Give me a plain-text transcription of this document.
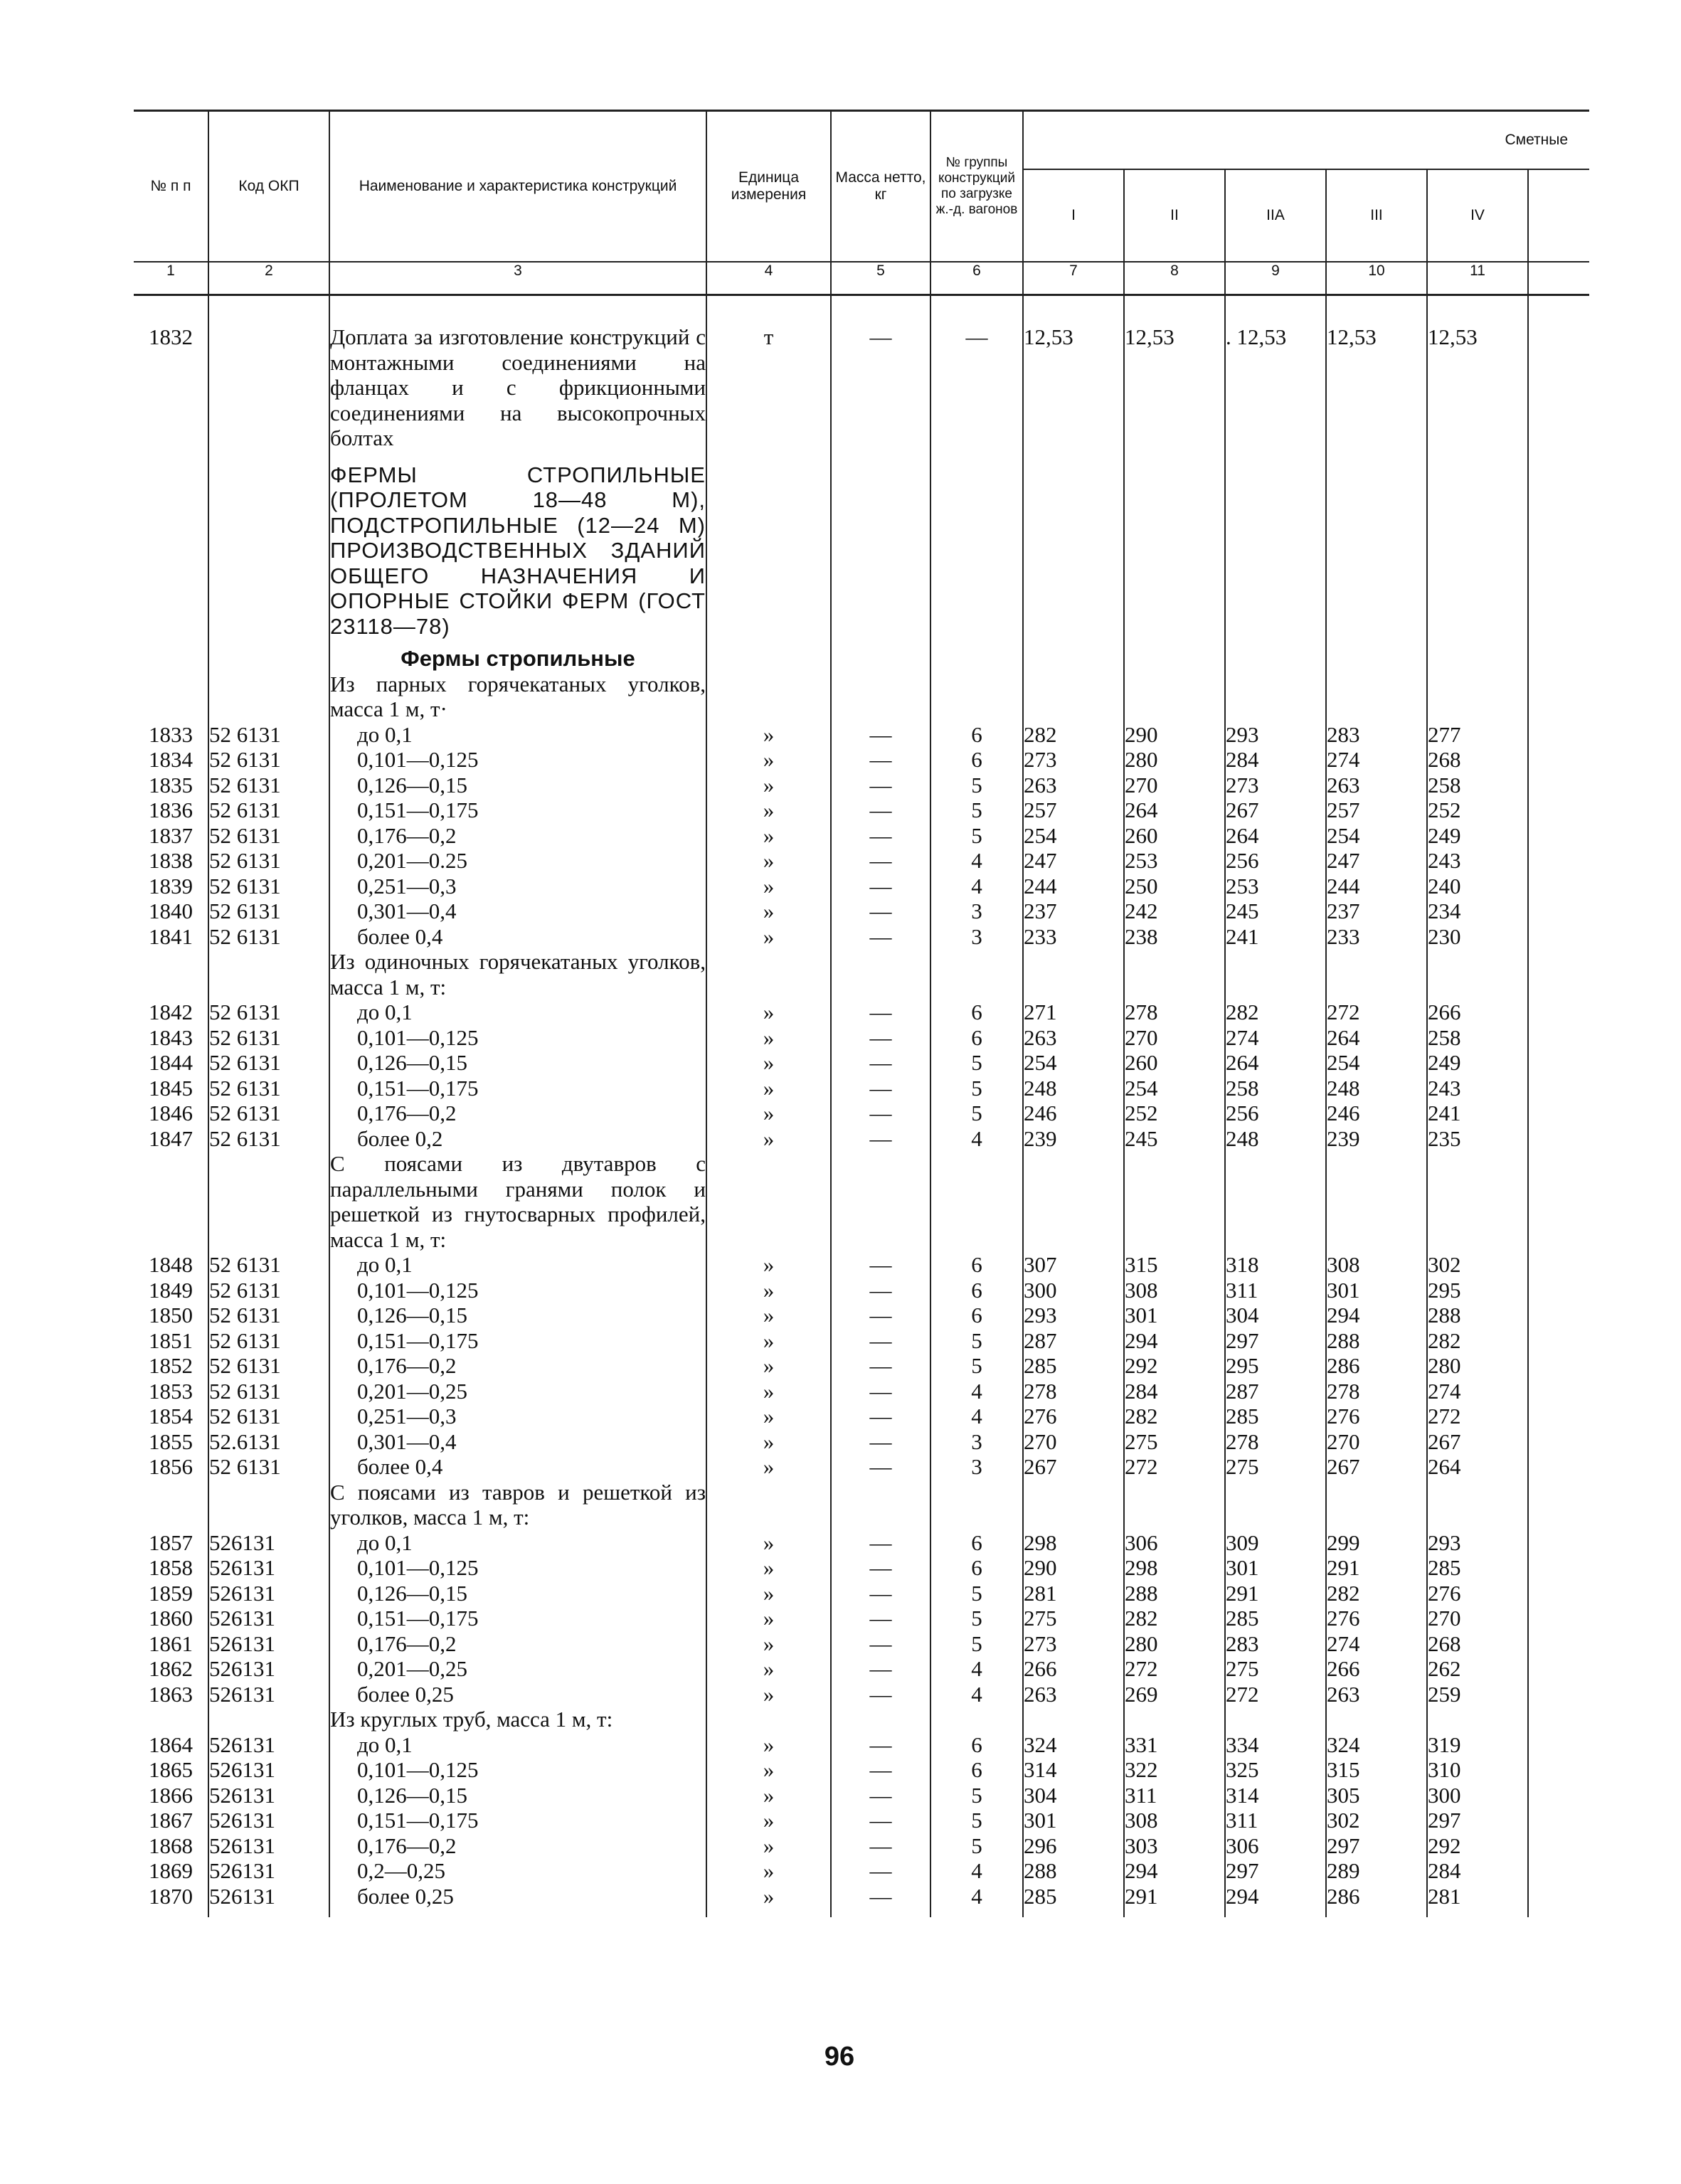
№ п п	Код ОКП	Наименование и характеристика конструкций	Единица измерения	Масса нетто, кг	№ группы конструкций по загрузке ж.-д. вагонов	Сметные					
						I	II	IIA	III	IV	
1	2	3	4	5	6	7	8	9	10	11	

1832		Доплата за изготовление конструкций с монтажными соединениями на фланцах и с фрикционными соединениями на высокопрочных болтах	т	—	—	12,53	12,53	. 12,53	12,53	12,53	
		ФЕРМЫ СТРОПИЛЬНЫЕ (ПРОЛЕТОМ 18—48 М), ПОДСТРОПИЛЬНЫЕ (12—24 М) ПРОИЗВОДСТВЕННЫХ ЗДАНИЙ ОБЩЕГО НАЗНАЧЕНИЯ И ОПОРНЫЕ СТОЙКИ ФЕРМ (ГОСТ 23118—78)									
		Фермы стропильные									
		Из парных горячекатаных уголков, масса 1 м, т·									
1833	52 6131	до 0,1	»	—	6	282	290	293	283	277	
1834	52 6131	0,101—0,125	»	—	6	273	280	284	274	268	
1835	52 6131	0,126—0,15	»	—	5	263	270	273	263	258	
1836	52 6131	0,151—0,175	»	—	5	257	264	267	257	252	
1837	52 6131	0,176—0,2	»	—	5	254	260	264	254	249	
1838	52 6131	0,201—0.25	»	—	4	247	253	256	247	243	
1839	52 6131	0,251—0,3	»	—	4	244	250	253	244	240	
1840	52 6131	0,301—0,4	»	—	3	237	242	245	237	234	
1841	52 6131	более 0,4	»	—	3	233	238	241	233	230	
		Из одиночных горячекатаных уголков, масса 1 м, т:									
1842	52 6131	до 0,1	»	—	6	271	278	282	272	266	
1843	52 6131	0,101—0,125	»	—	6	263	270	274	264	258	
1844	52 6131	0,126—0,15	»	—	5	254	260	264	254	249	
1845	52 6131	0,151—0,175	»	—	5	248	254	258	248	243	
1846	52 6131	0,176—0,2	»	—	5	246	252	256	246	241	
1847	52 6131	более 0,2	»	—	4	239	245	248	239	235	
		С поясами из двутавров с параллельными гранями полок и решеткой из гнутосварных профилей, масса 1 м, т:									
1848	52 6131	до 0,1	»	—	6	307	315	318	308	302	
1849	52 6131	0,101—0,125	»	—	6	300	308	311	301	295	
1850	52 6131	0,126—0,15	»	—	6	293	301	304	294	288	
1851	52 6131	0,151—0,175	»	—	5	287	294	297	288	282	
1852	52 6131	0,176—0,2	»	—	5	285	292	295	286	280	
1853	52 6131	0,201—0,25	»	—	4	278	284	287	278	274	
1854	52 6131	0,251—0,3	»	—	4	276	282	285	276	272	
1855	52.6131	0,301—0,4	»	—	3	270	275	278	270	267	
1856	52 6131	более 0,4	»	—	3	267	272	275	267	264	
		С поясами из тавров и решеткой из уголков, масса 1 м, т:									
1857	526131	до 0,1	»	—	6	298	306	309	299	293	
1858	526131	0,101—0,125	»	—	6	290	298	301	291	285	
1859	526131	0,126—0,15	»	—	5	281	288	291	282	276	
1860	526131	0,151—0,175	»	—	5	275	282	285	276	270	
1861	526131	0,176—0,2	»	—	5	273	280	283	274	268	
1862	526131	0,201—0,25	»	—	4	266	272	275	266	262	
1863	526131	более 0,25	»	—	4	263	269	272	263	259	
		Из круглых труб, масса 1 м, т:									
1864	526131	до 0,1	»	—	6	324	331	334	324	319	
1865	526131	0,101—0,125	»	—	6	314	322	325	315	310	
1866	526131	0,126—0,15	»	—	5	304	311	314	305	300	
1867	526131	0,151—0,175	»	—	5	301	308	311	302	297	
1868	526131	0,176—0,2	»	—	5	296	303	306	297	292	
1869	526131	0,2—0,25	»	—	4	288	294	297	289	284	
1870	526131	более 0,25	»	—	4	285	291	294	286	281	

96
